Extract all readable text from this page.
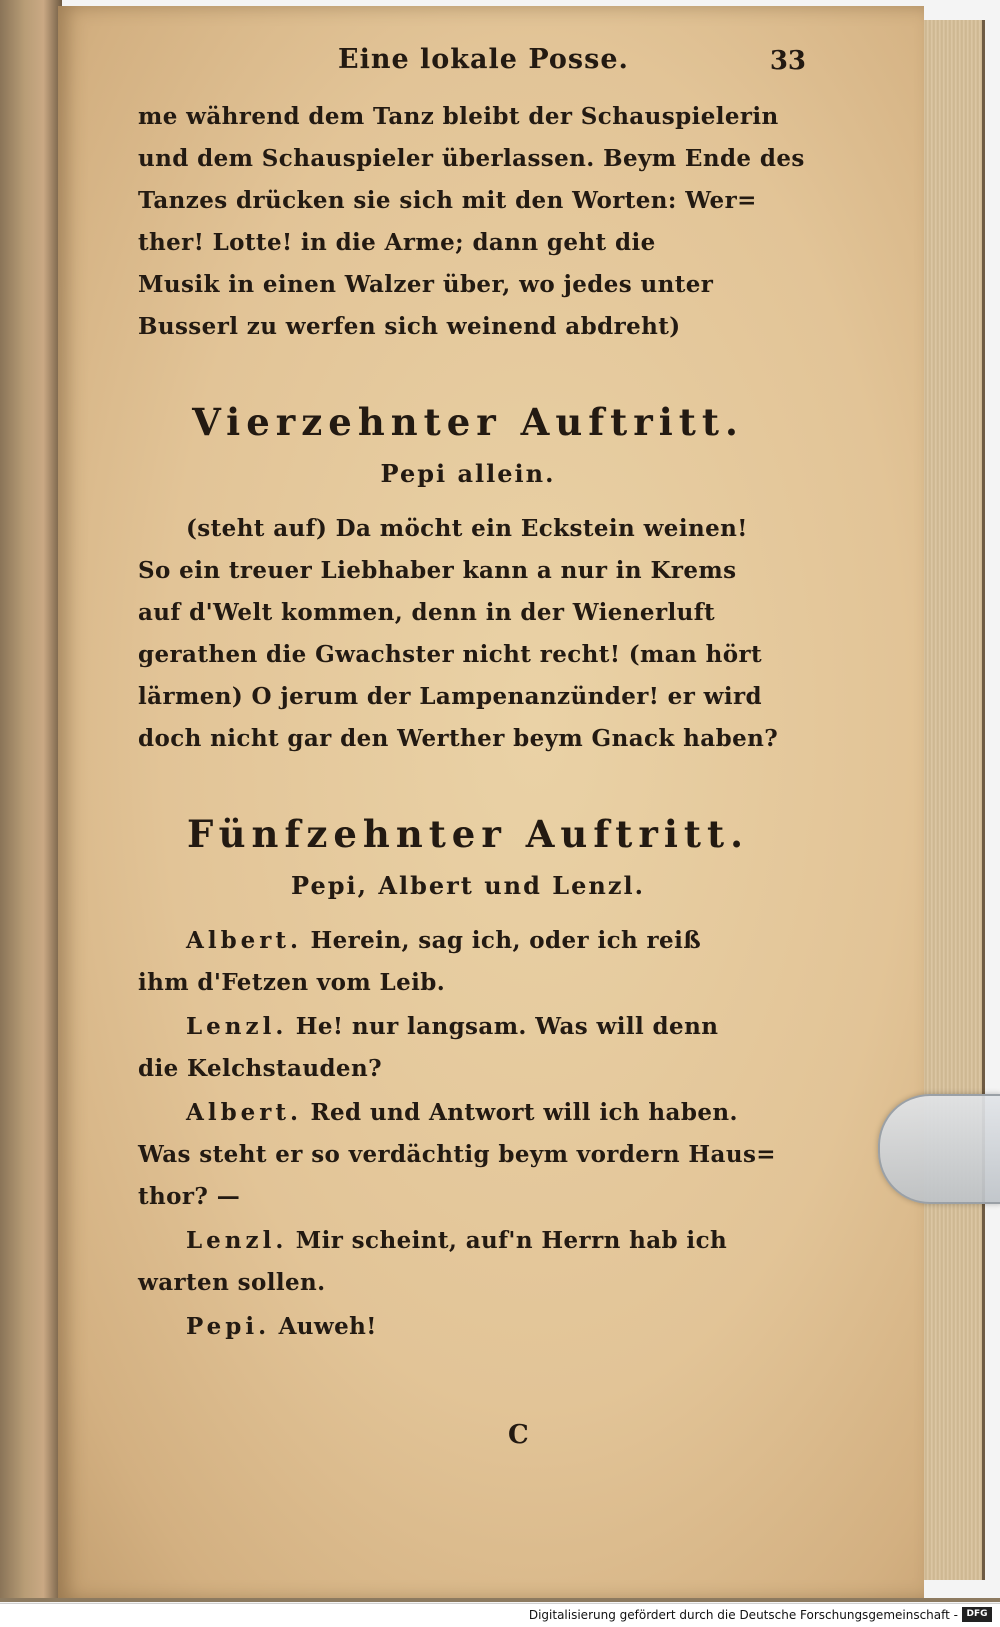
Eine lokale Posse.	33
me während dem Tanz bleibt der Schauspielerin
und dem Schauspieler überlassen. Beym Ende des
Tanzes drücken sie sich mit den Worten: Wer=
ther! Lotte! in die Arme; dann geht die
Musik in einen Walzer über, wo jedes unter
Busserl zu werfen sich weinend abdreht)
Vierzehnter Auftritt.
Pepi allein.
(steht auf) Da möcht ein Eckstein weinen!
So ein treuer Liebhaber kann a nur in Krems
auf d'Welt kommen, denn in der Wienerluft
gerathen die Gwachster nicht recht! (man hört
lärmen) O jerum der Lampenanzünder! er wird
doch nicht gar den Werther beym Gnack haben?
Fünfzehnter Auftritt.
Pepi, Albert und Lenzl.
Albert. Herein, sag ich, oder ich reiß
ihm d'Fetzen vom Leib.
Lenzl. He! nur langsam. Was will denn
die Kelchstauden?
Albert. Red und Antwort will ich haben.
Was steht er so verdächtig beym vordern Haus=
thor? —
Lenzl. Mir scheint, auf'n Herrn hab ich
warten sollen.
Pepi. Auweh!
C
Digitalisierung gefördert durch die Deutsche Forschungsgemeinschaft - DFG
